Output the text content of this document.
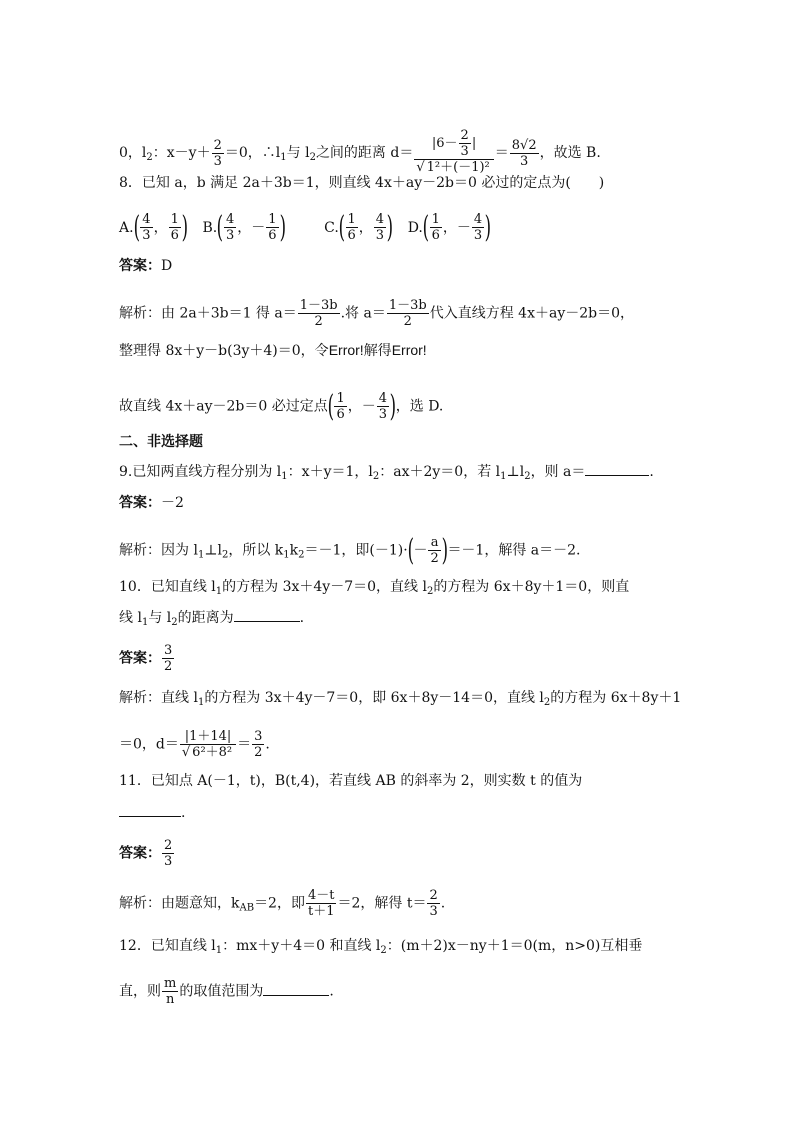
0，$l_2$：$x-y+ \frac{2}{3} =0$，$\therefore l_1$与 $l_2$之间的距离 $d= \frac{|6- \frac{2}{3} |}{\text{√ 1²＋(－1)²}} = \frac{8√2}{3}$ ，故选 B.
8．已知 a，b 满足 2a＋3b＝1，则直线 4x＋ay－2b＝0 必过的定点为(　　)
$A.( \frac{4}{3}$ ， $\frac{1}{6}$ ) $B.( \frac{4}{3}$ ，－ $\frac{1}{6}$ )	$C.( \frac{1}{6}$ ， $\frac{4}{3}$ ) $D.( \frac{1}{6}$ ，－ $\frac{4}{3}$ )
答案：D
解析：由 2a＋3b＝1 得 $a= \frac{1-3b}{2}$ .将 $a= \frac{1-3b}{2}$ 代入直线方程 4x＋ay－2b＝0，
整理得 8x＋y－b(3y＋4)＝0，令Error!解得Error!
故直线 4x＋ay－2b＝0 必过定点( $\frac{1}{6}$ ，－ $\frac{4}{3}$ )，选 D.
二、非选择题
9.已知两直线方程分别为 $l_1$：x＋y＝1，$l_2$：ax＋2y＝0，若 $l_1\perp l_2$，则 a＝	.
答案：－2
解析：因为 $l_1\perp l_2$，所以 $k_1k_2=-1$，即$(-1)\cdot(- \frac{a}{2} )=-1$，解得 a＝－2.
10．已知直线 $l_1$的方程为 3x＋4y－7＝0，直线 $l_2$的方程为 6x＋8y＋1＝0，则直
线 $l_1$与 $l_2$的距离为	.
答案： $\frac{3}{2}$
解析：直线 $l_1$的方程为 3x＋4y－7＝0，即 6x＋8y－14＝0，直线 $l_2$的方程为 6x＋8y＋1
＝0，$d= \frac{|1+14|}{\text{√ 6²＋8²}} = \frac{3}{2}$ .
11．已知点 A(－1，t)，B(t,4)，若直线 AB 的斜率为 2，则实数 t 的值为
.
答案： $\frac{2}{3}$
解析：由题意知，$k_{AB}=2$，即 $\frac{4-t}{t+1} =2$，解得 $t= \frac{2}{3}$ .
12．已知直线 $l_1$：mx＋y＋4＝0 和直线 $l_2$：(m＋2)x－ny＋1＝0(m，n>0)互相垂
直，则 $\frac{m}{n}$ 的取值范围为	.
